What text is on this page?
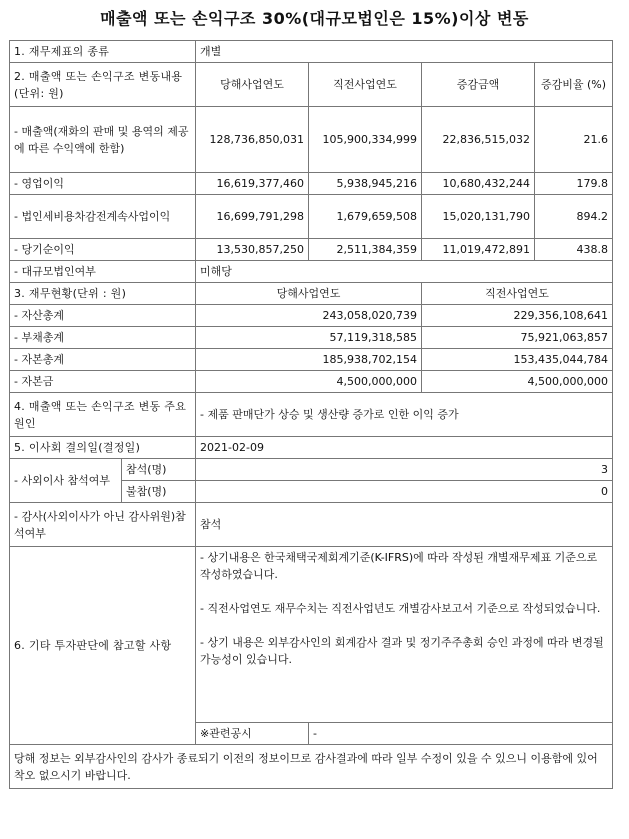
매출액 또는 손익구조 30%(대규모법인은 15%)이상 변동
1. 재무제표의 종류		개별			
2. 매출액 또는 손익구조 변동내용(단위: 원)		당해사업연도	직전사업연도	증감금액	증감비율 (%)
- 매출액(재화의 판매 및 용역의 제공에 따른 수익액에 한함)		128,736,850,031	105,900,334,999	22,836,515,032	21.6
- 영업이익		16,619,377,460	5,938,945,216	10,680,432,244	179.8
- 법인세비용차감전계속사업이익		16,699,791,298	1,679,659,508	15,020,131,790	894.2
- 당기순이익		13,530,857,250	2,511,384,359	11,019,472,891	438.8
- 대규모법인여부		미해당			
3. 재무현황(단위 : 원)		당해사업연도		직전사업연도	
- 자산총계		243,058,020,739		229,356,108,641	
- 부채총계		57,119,318,585		75,921,063,857	
- 자본총계		185,938,702,154		153,435,044,784	
- 자본금		4,500,000,000		4,500,000,000	
4. 매출액 또는 손익구조 변동 주요원인		- 제품 판매단가 상승 및 생산량 증가로 인한 이익 증가			
5. 이사회 결의일(결정일)		2021-02-09			
- 사외이사 참석여부	참석(명)	3			
	불참(명)	0			
- 감사(사외이사가 아닌 감사위원)참석여부		참석			
6. 기타 투자판단에 참고할 사항		- 상기내용은 한국채택국제회계기준(K-IFRS)에 따라 작성된 개별재무제표 기준으로 작성하였습니다.

- 직전사업연도 재무수치는 직전사업년도 개별감사보고서 기준으로 작성되었습니다.

- 상기 내용은 외부감사인의 회계감사 결과 및 정기주주총회 승인 과정에 따라 변경될 가능성이 있습니다.			

		※관련공시	-		
당해 정보는 외부감사인의 감사가 종료되기 이전의 정보이므로 감사결과에 따라 일부 수정이 있을 수 있으니 이용함에 있어 착오 없으시기 바랍니다.					
